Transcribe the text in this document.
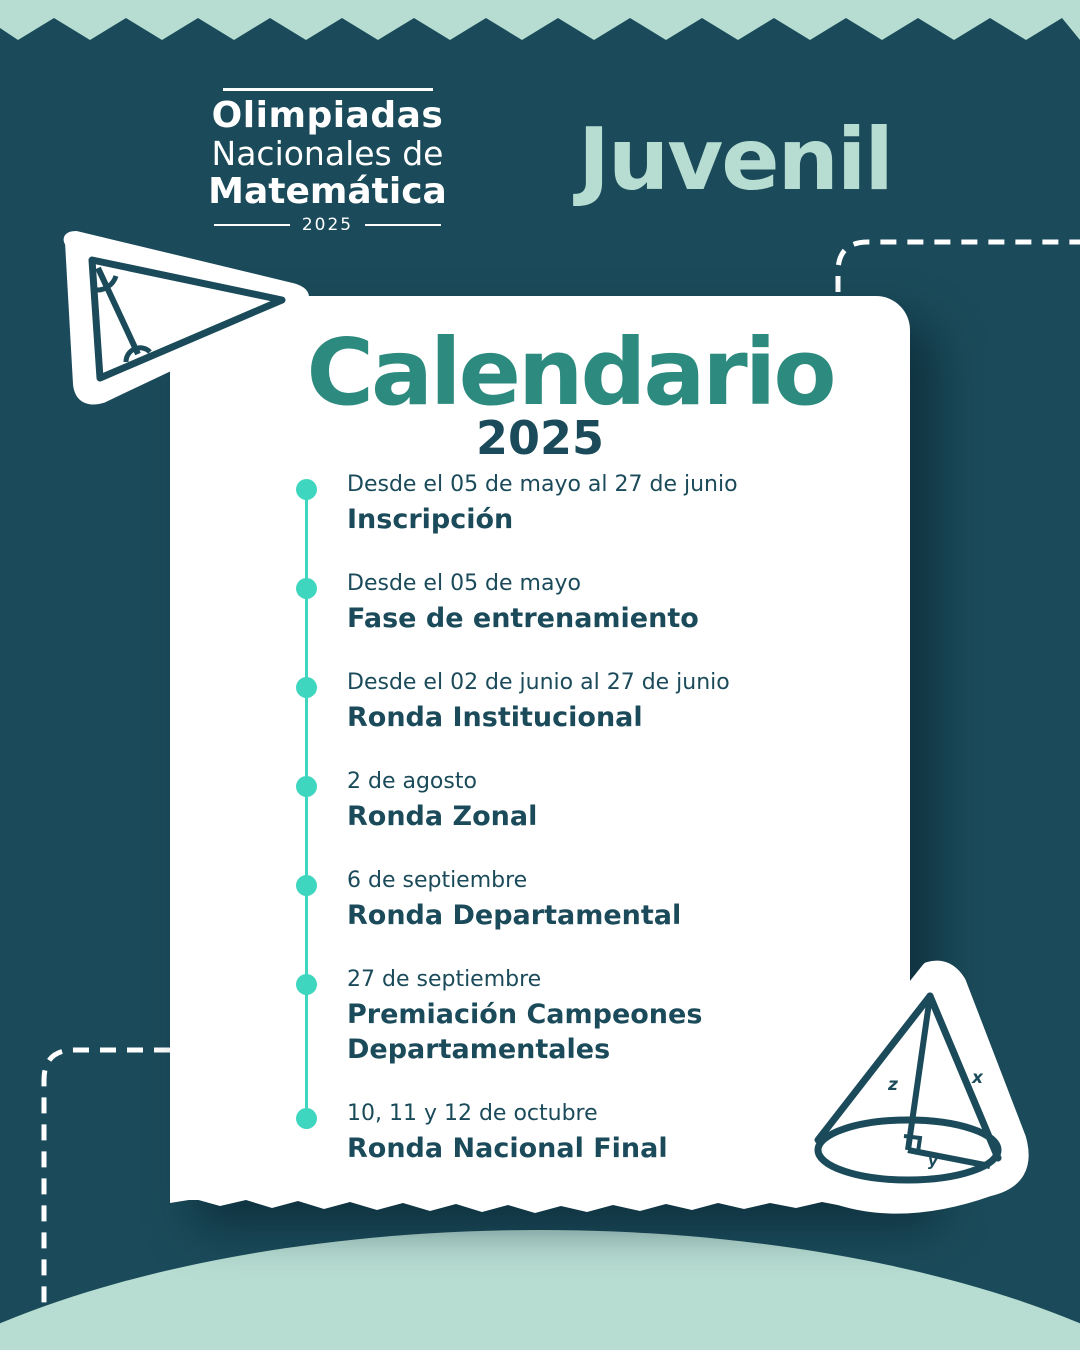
Olimpiadas
Nacionales de
Matemática
2025
Juvenil
Calendario
2025
Desde el 05 de mayo al 27 de junio
Inscripción
Desde el 05 de mayo
Fase de entrenamiento
Desde el 02 de junio al 27 de junio
Ronda Institucional
2 de agosto
Ronda Zonal
6 de septiembre
Ronda Departamental
27 de septiembre
Premiación Campeones Departamentales
10, 11 y 12 de octubre
Ronda Nacional Final
z	x
y
